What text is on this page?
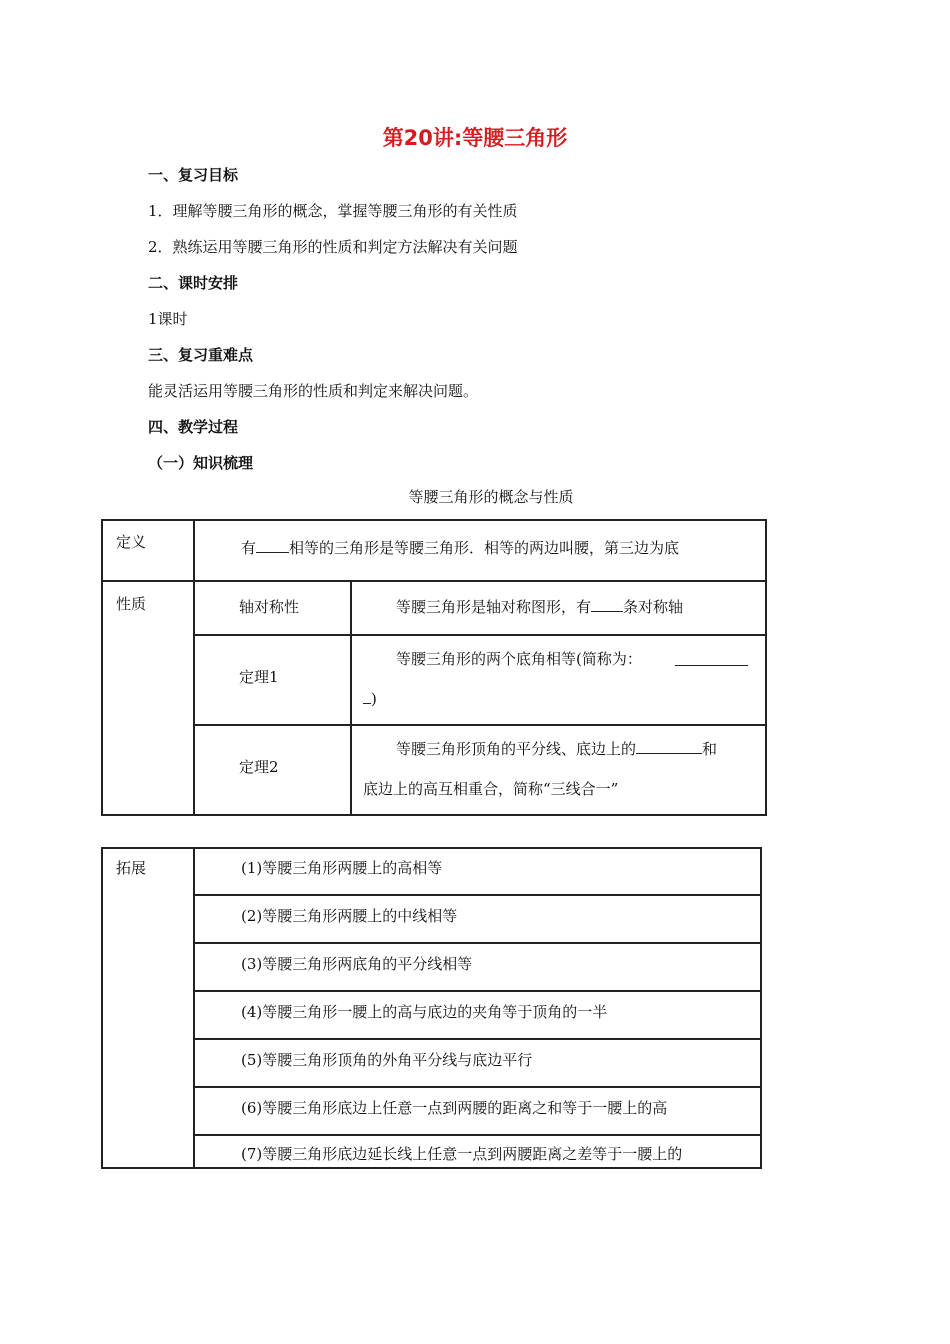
第20讲:等腰三角形
一、复习目标
1．理解等腰三角形的概念，掌握等腰三角形的有关性质
2．熟练运用等腰三角形的性质和判定方法解决有关问题
二、课时安排
1课时
三、复习重难点
能灵活运用等腰三角形的性质和判定来解决问题。
四、教学过程
（一）知识梳理
等腰三角形的概念与性质
定义	有 相等的三角形是等腰三角形．相等的两边叫腰，第三边为底	

性质	轴对称性	等腰三角形是轴对称图形，有 条对称轴

	定理1	等腰三角形的两个底角相等(简称为：
)

	定理2	等腰三角形顶角的平分线、底边上的 和
底边上的高互相重合，简称“三线合一”
拓展	(1)等腰三角形两腰上的高相等

(2)等腰三角形两腰上的中线相等

(3)等腰三角形两底角的平分线相等

(4)等腰三角形一腰上的高与底边的夹角等于顶角的一半

(5)等腰三角形顶角的外角平分线与底边平行

(6)等腰三角形底边上任意一点到两腰的距离之和等于一腰上的高

(7)等腰三角形底边延长线上任意一点到两腰距离之差等于一腰上的
